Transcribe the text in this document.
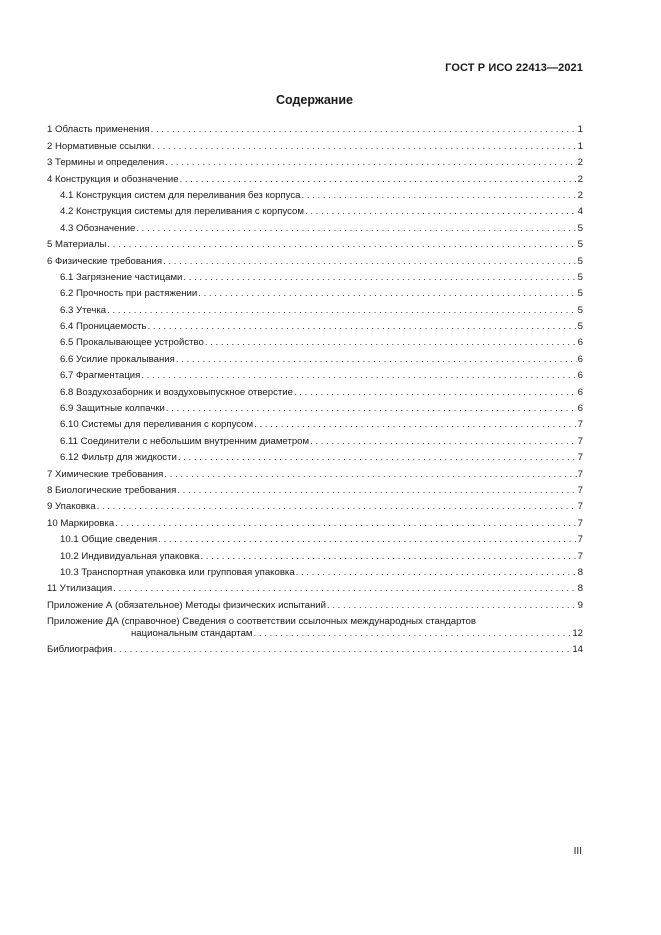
ГОСТ Р ИСО 22413—2021
Содержание
1 Область применения . . .	1
2 Нормативные ссылки . . .	1
3 Термины и определения . . .	2
4 Конструкция и обозначение . . .	2
4.1 Конструкция систем для переливания без корпуса . . .	2
4.2 Конструкция системы для переливания с корпусом . . .	4
4.3 Обозначение . . .	5
5 Материалы . . .	5
6 Физические требования . . .	5
6.1 Загрязнение частицами . . .	5
6.2 Прочность при растяжении . . .	5
6.3 Утечка . . .	5
6.4 Проницаемость . . .	5
6.5 Прокалывающее устройство . . .	6
6.6 Усилие прокалывания . . .	6
6.7 Фрагментация . . .	6
6.8 Воздухозаборник и воздуховыпускное отверстие . . .	6
6.9 Защитные колпачки . . .	6
6.10 Системы для переливания с корпусом . . .	7
6.11 Соединители с небольшим внутренним диаметром . . .	7
6.12 Фильтр для жидкости . . .	7
7 Химические требования . . .	7
8 Биологические требования . . .	7
9 Упаковка . . .	7
10 Маркировка . . .	7
10.1 Общие сведения . . .	7
10.2 Индивидуальная упаковка . . .	7
10.3 Транспортная упаковка или групповая упаковка . . .	8
11 Утилизация . . .	8
Приложение А (обязательное) Методы физических испытаний . . .	9
Приложение ДА (справочное) Сведения о соответствии ссылочных международных стандартов
национальным стандартам . . .	12
Библиография . . .	14
III
